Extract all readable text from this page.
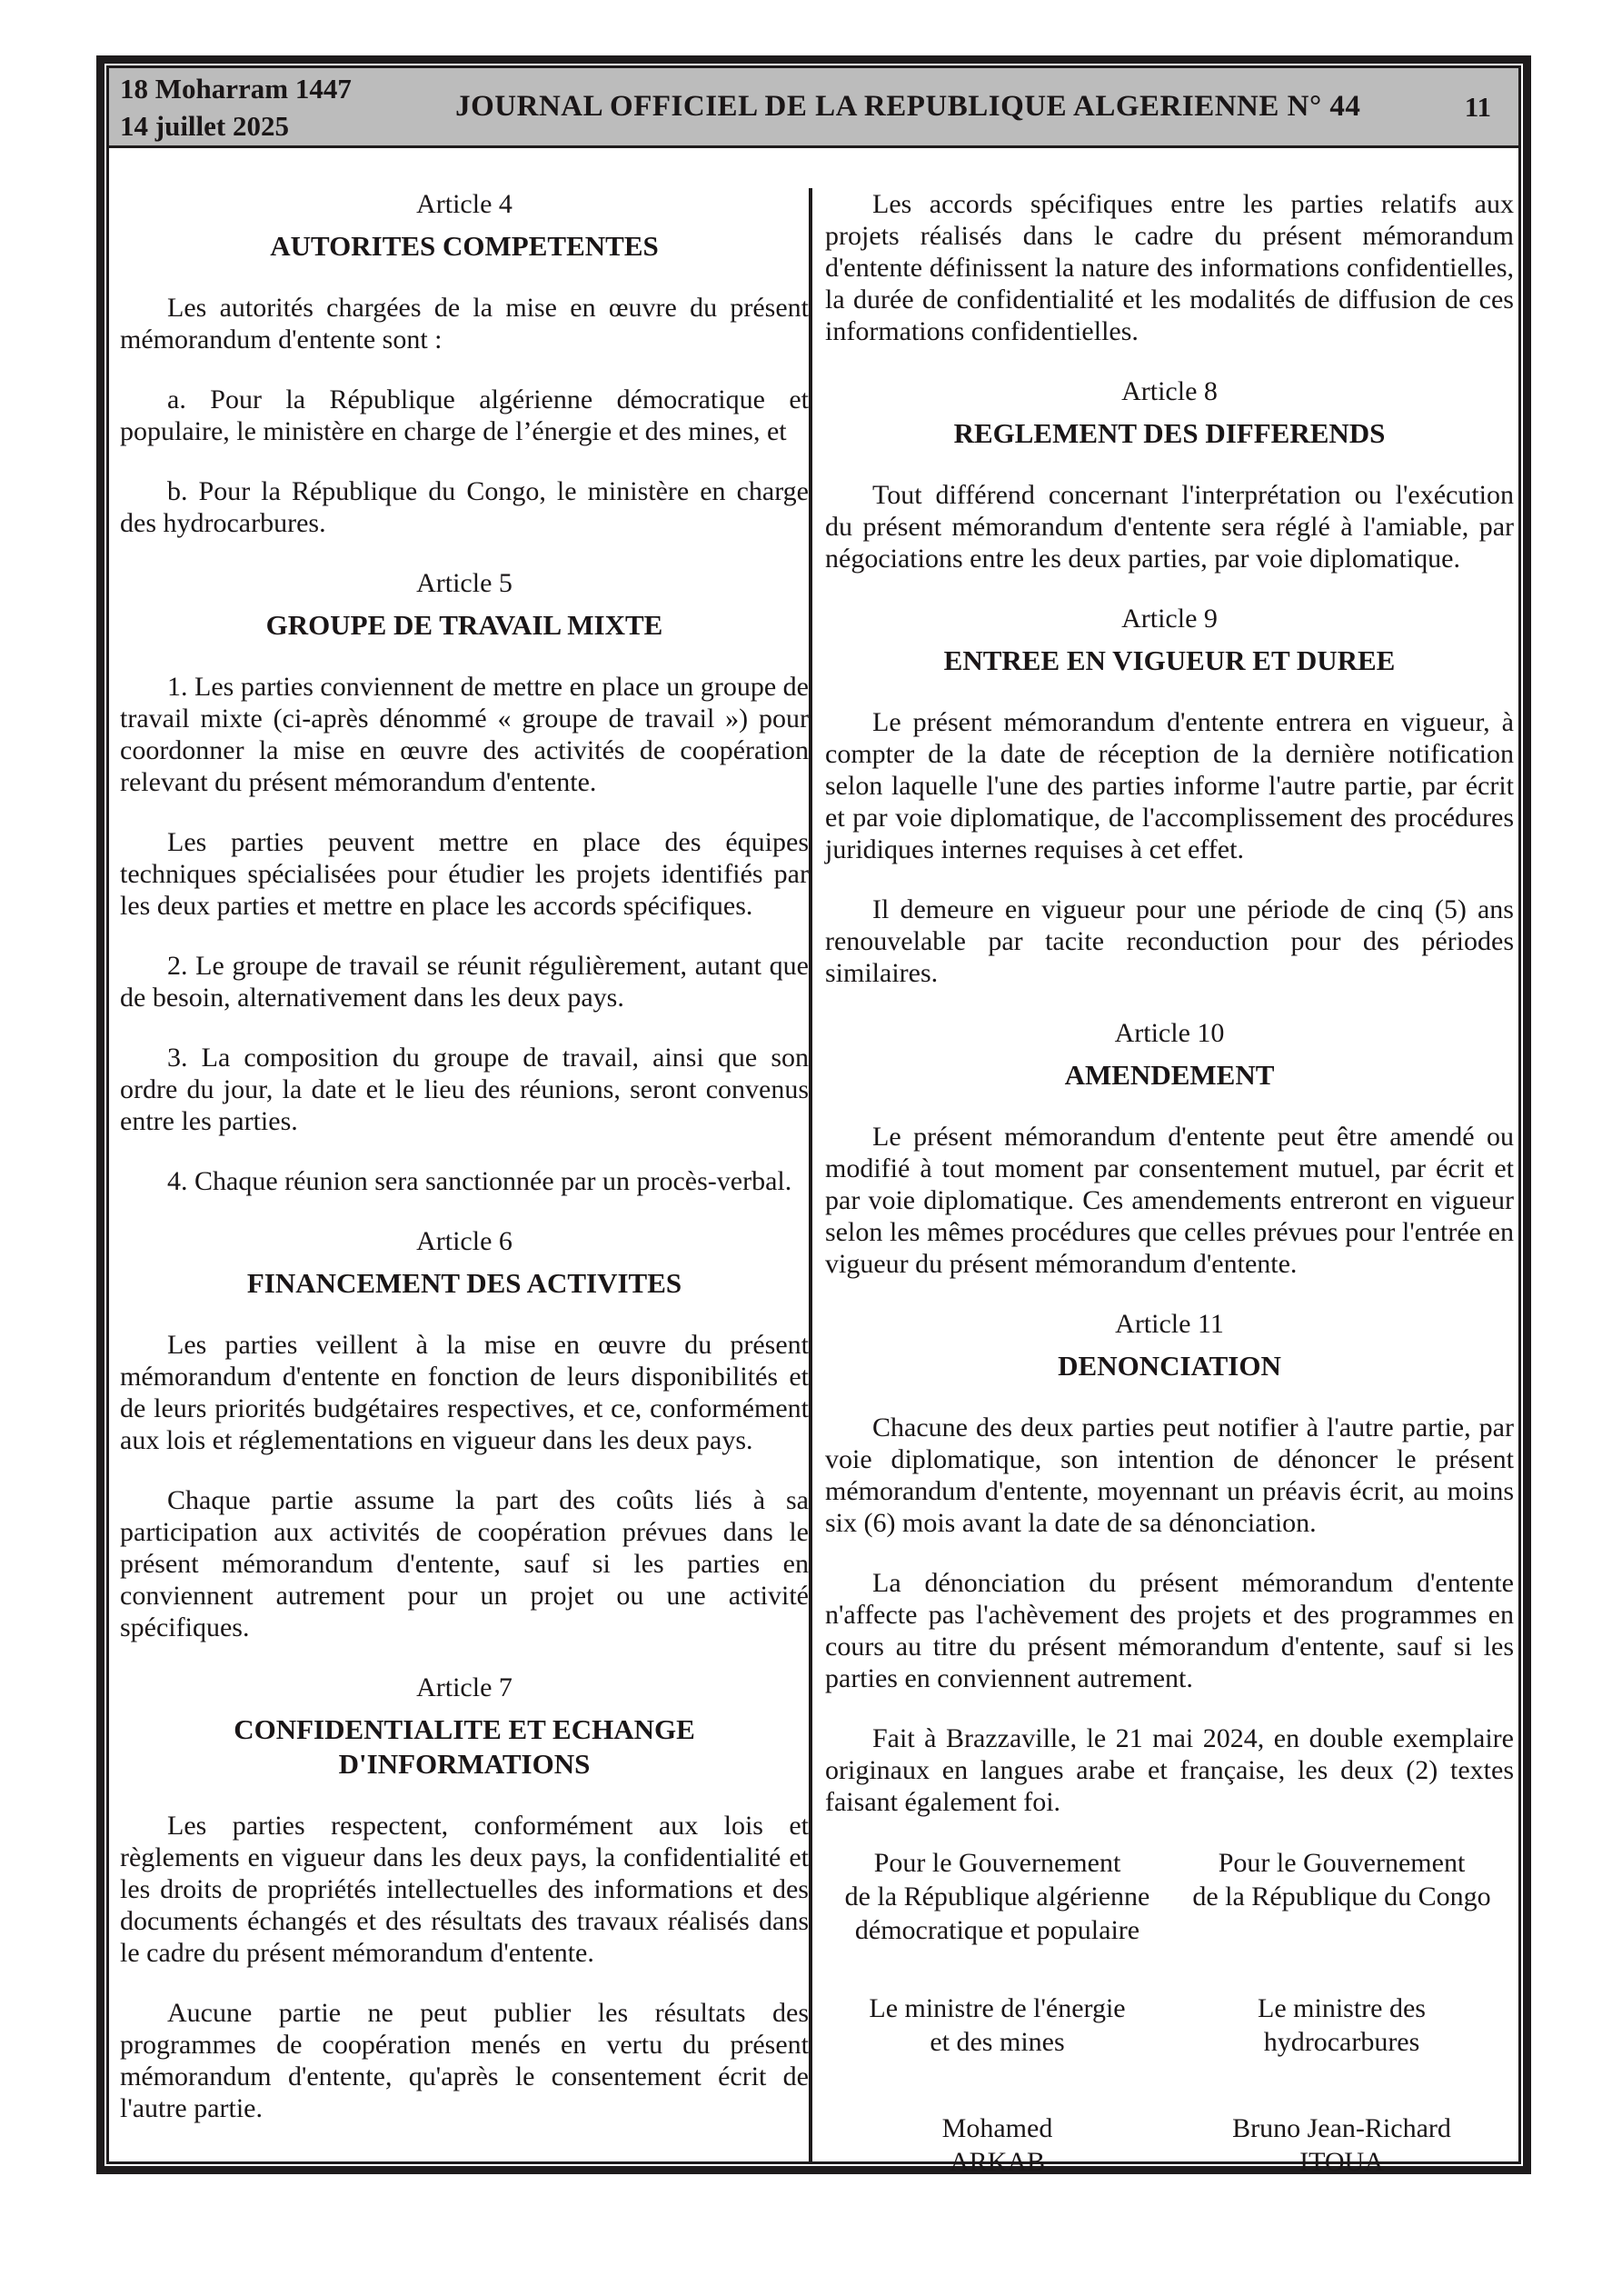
18 Moharram 1447
14 juillet 2025
JOURNAL OFFICIEL DE LA REPUBLIQUE ALGERIENNE N° 44	11
Article 4
AUTORITES COMPETENTES

Les autorités chargées de la mise en œuvre du présent mémorandum d'entente sont :

a. Pour la République algérienne démocratique et populaire, le ministère en charge de l’énergie et des mines, et

b. Pour la République du Congo, le ministère en charge des hydrocarbures.

Article 5
GROUPE DE TRAVAIL MIXTE

1. Les parties conviennent de mettre en place un groupe de travail mixte (ci-après dénommé « groupe de travail ») pour coordonner la mise en œuvre des activités de coopération relevant du présent mémorandum d'entente.

Les parties peuvent mettre en place des équipes techniques spécialisées pour étudier les projets identifiés par les deux parties et mettre en place les accords spécifiques.

2. Le groupe de travail se réunit régulièrement, autant que de besoin, alternativement dans les deux pays.

3. La composition du groupe de travail, ainsi que son ordre du jour, la date et le lieu des réunions, seront convenus entre les parties.

4. Chaque réunion sera sanctionnée par un procès-verbal.

Article 6
FINANCEMENT DES ACTIVITES

Les parties veillent à la mise en œuvre du présent mémorandum d'entente en fonction de leurs disponibilités et de leurs priorités budgétaires respectives, et ce, conformément aux lois et réglementations en vigueur dans les deux pays.

Chaque partie assume la part des coûts liés à sa participation aux activités de coopération prévues dans le présent mémorandum d'entente, sauf si les parties en conviennent autrement pour un projet ou une activité spécifiques.

Article 7
CONFIDENTIALITE ET ECHANGE D'INFORMATIONS

Les parties respectent, conformément aux lois et règlements en vigueur dans les deux pays, la confidentialité et les droits de propriétés intellectuelles des informations et des documents échangés et des résultats des travaux réalisés dans le cadre du présent mémorandum d'entente.

Aucune partie ne peut publier les résultats des programmes de coopération menés en vertu du présent mémorandum d'entente, qu'après le consentement écrit de l'autre partie.

Les accords spécifiques entre les parties relatifs aux projets réalisés dans le cadre du présent mémorandum d'entente définissent la nature des informations confidentielles, la durée de confidentialité et les modalités de diffusion de ces informations confidentielles.

Article 8
REGLEMENT DES DIFFERENDS

Tout différend concernant l'interprétation ou l'exécution du présent mémorandum d'entente sera réglé à l'amiable, par négociations entre les deux parties, par voie diplomatique.

Article 9
ENTREE EN VIGUEUR ET DUREE

Le présent mémorandum d'entente entrera en vigueur, à compter de la date de réception de la dernière notification selon laquelle l'une des parties informe l'autre partie, par écrit et par voie diplomatique, de l'accomplissement des procédures juridiques internes requises à cet effet.

Il demeure en vigueur pour une période de cinq (5) ans renouvelable par tacite reconduction pour des périodes similaires.

Article 10
AMENDEMENT

Le présent mémorandum d'entente peut être amendé ou modifié à tout moment par consentement mutuel, par écrit et par voie diplomatique. Ces amendements entreront en vigueur selon les mêmes procédures que celles prévues pour l'entrée en vigueur du présent mémorandum d'entente.

Article 11
DENONCIATION

Chacune des deux parties peut notifier à l'autre partie, par voie diplomatique, son intention de dénoncer le présent mémorandum d'entente, moyennant un préavis écrit, au moins six (6) mois avant la date de sa dénonciation.

La dénonciation du présent mémorandum d'entente n'affecte pas l'achèvement des projets et des programmes en cours au titre du présent mémorandum d'entente, sauf si les parties en conviennent autrement.

Fait à Brazzaville, le 21 mai 2024, en double exemplaire originaux en langues arabe et française, les deux (2) textes faisant également foi.

Pour le Gouvernement
de la République algérienne
démocratique et populaire
Le ministre de l'énergie
et des mines
Mohamed
ARKAB
Pour le Gouvernement
de la République du Congo
Le ministre des
hydrocarbures
Bruno Jean-Richard
ITOUA
